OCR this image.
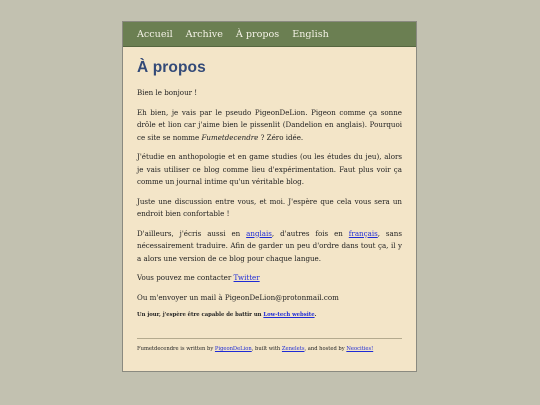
Accueil Archive À propos English
À propos

Bien le bonjour !

Eh bien, je vais par le pseudo PigeonDeLion. Pigeon comme ça sonne drôle et lion car j'aime bien le pissenlit (Dandelion en anglais). Pourquoi ce site se nomme Fumetdecendre ? Zéro idée.

J'étudie en anthopologie et en game studies (ou les études du jeu), alors je vais utiliser ce blog comme lieu d'expérimentation. Faut plus voir ça comme un journal intime qu'un véritable blog.

Juste une discussion entre vous, et moi. J'espère que cela vous sera un endroit bien confortable !

D'ailleurs, j'écris aussi en anglais, d'autres fois en français, sans nécessairement traduire. Afin de garder un peu d'ordre dans tout ça, il y a alors une version de ce blog pour chaque langue.

Vous pouvez me contacter Twitter

Ou m'envoyer un mail à PigeonDeLion@protonmail.com

Un jour, j'espère être capable de battir un Low-tech website.

Fumetdecendre is written by PigeonDeLion, built with Zenelets, and hosted by Neocities!
